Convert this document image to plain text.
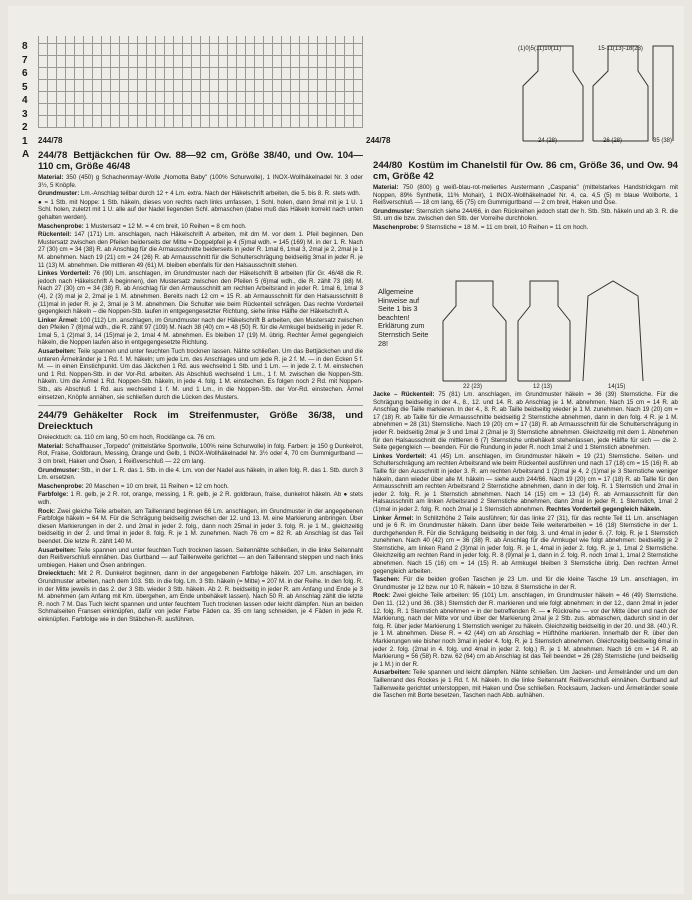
8
7
6
5
4
3
2
1
A
244/78	244/78
(1)0)5(11)10(11)	15-11(13)-18(23)
24 (28)	26 (28)	35 (38)
22 (23)	12 (13)	14(15)
Allgemeine Hinweise auf Seite 1 bis 3 beachten! Erklärung zum Sternstich Seite 28!
244/78 Bettjäckchen für Ow. 88—92 cm, Größe 38/40, und Ow. 104—110 cm, Größe 46/48

Material: 350 (450) g Schachenmayr-Wolle „Nomotta Baby" (100% Schurwolle), 1 INOX-Wollhäkelnadel Nr. 3 oder 3½, 5 Knöpfe.

Grundmuster: Lm.-Anschlag teilbar durch 12 + 4 Lm. extra. Nach der Häkelschrift arbeiten, die 5. bis 8. R. stets wdh.

● = 1 Stb. mit Noppe: 1 Stb. häkeln, dieses von rechts nach links umfassen, 1 Schl. holen, dann 3mal mit je 1 U. 1 Schl. holen, zuletzt mit 1 U. alle auf der Nadel liegenden Schl. abmaschen (dabei muß das Häkeln korrekt nach unten gehalten werden).

Maschenprobe: 1 Mustersatz = 12 M. = 4 cm breit, 10 Reihen = 8 cm hoch.

Rückenteil: 147 (171) Lm. anschlagen, nach Häkelschrift A arbeiten, mit dm M. vor dem 1. Pfeil beginnen. Den Mustersatz zwischen den Pfeilen beiderseits der Mitte = Doppelpfeil je 4 (5)mal wdh. = 145 (169) M. in der 1. R. Nach 27 (30) cm = 34 (38) R. ab Anschlag für die Armausschnitte beiderseits in jeder R. 1mal 6, 1mal 3, 2mal je 2, 2mal je 1 M. abnehmen. Nach 19 (21) cm = 24 (26) R. ab Armausschnitt für die Schulterschrägung beidseitig 3mal in jeder R. je 11 (13) M. abnehmen. Die mittleren 49 (61) M. bleiben ebenfalls für den Halsausschnitt stehen.

Linkes Vorderteil: 76 (90) Lm. anschlagen, im Grundmuster nach der Häkelschrift B arbeiten (für Gr. 46/48 die R. jedoch nach Häkelschrift A beginnen), den Mustersatz zwischen den Pfeilen 5 (6)mal wdh., die R. zählt 73 (88) M. Nach 27 (30) cm = 34 (38) R. ab Anschlag für den Armausschnitt am rechten Arbeitsrand in jeder R. 1mal 6, 1mal 3 (4), 2 (3) mal je 2, 2mal je 1 M. abnehmen. Bereits nach 12 cm = 15 R. ab Armausschnitt für den Halsausschnitt 8 (11)mal in jeder R. je 2, 3mal je 3 M. abnehmen. Die Schulter wie beim Rückenteil schrägen. Das rechte Vorderteil gegengleich häkeln – die Noppen-Stb. laufen in entgegengesetzter Richtung, siehe linke Hälfte der Häkelschrift A.

Linker Ärmel: 100 (112) Lm. anschlagen, im Grundmuster nach der Häkelschrift B arbeiten, den Mustersatz zwischen den Pfeilen 7 (8)mal wdh., die R. zählt 97 (109) M. Nach 38 (40) cm = 48 (50) R. für die Armkugel beidseitig in jeder R. 1mal 5, 1 (2)mal 3, 14 (15)mal je 2, 1mal 4 M. abnehmen. Es bleiben 17 (19) M. übrig. Rechter Ärmel gegengleich häkeln, die Noppen laufen also in entgegengesetzte Richtung.

Ausarbeiten: Teile spannen und unter feuchten Tuch trocknen lassen. Nähte schließen. Um das Bettjäckchen und die unteren Ärmelränder je 1 Rd. f. M. häkeln; um jede Lm. des Anschlages und um jede R. je 2 f. M. — in den Ecken 5 f. M. — in einen Einstichpunkt. Um das Jäckchen 1 Rd. aus wechselnd 1 Stb. und 1 Lm. — in jede 2. f. M. einstechen und 1 Rd. Noppen-Stb. in der Vor-Rd. arbeiten. Als Abschluß wechselnd 1 Lm., 1 f. M. zwischen die Noppen-Stb. häkeln. Um die Ärmel 1 Rd. Noppen-Stb. häkeln, in jede 4. folg. 1 M. einstechen. Es folgen noch 2 Rd. mit Noppen-Stb., als Abschluß 1 Rd. aus wechselnd 1 f. M. und 1 Lm., in die Noppen-Stb. der Vor-Rd. einstechen. Ärmel einsetzen, Knöpfe annähen, sie schließen durch die Lücken des Musters.

244/79 Gehäkelter Rock im Streifenmuster, Größe 36/38, und Dreiecktuch

Dreiecktuch: ca. 110 cm lang, 50 cm hoch, Rocklänge ca. 76 cm.

Material: Schaffhauser „Torpedo" (mittelstärke Sportwolle, 100% reine Schurwolle) in folg. Farben: je 150 g Dunkelrot, Rot, Fraise, Goldbraun, Messing, Orange und Gelb, 1 INOX-Wollhäkelnadel Nr. 3½ oder 4, 70 cm Gummigurtband — 3 cm breit, Haken und Ösen, 1 Reißverschluß — 22 cm lang.

Grundmuster: Stb., in der 1. R. das 1. Stb. in die 4. Lm. von der Nadel aus häkeln, in allen folg. R. das 1. Stb. durch 3 Lm. ersetzen.

Maschenprobe: 20 Maschen = 10 cm breit, 11 Reihen = 12 cm hoch.

Farbfolge: 1 R. gelb, je 2 R. rot, orange, messing, 1 R. gelb, je 2 R. goldbraun, fraise, dunkelrot häkeln. Ab ● stets wdh.

Rock: Zwei gleiche Teile arbeiten, am Taillenrand beginnen 66 Lm. anschlagen, im Grundmuster in der angegebenen Farbfolge häkeln = 64 M. Für die Schrägung beidseitig zwischen der 12. und 13. M. eine Markierung anbringen. Über diesen Markierungen in der 2. und 2mal in jeder 2. folg., dann noch 25mal in jeder 3. folg. R. je 1 M., gleichzeitig beidseitig in der 2. und 9mal in jeder 8. folg. R. je 1 M. zunehmen. Nach 76 cm = 82 R. ab Anschlag ist das Teil beendet. Die letzte R. zählt 140 M.

Ausarbeiten: Teile spannen und unter feuchten Tuch trocknen lassen. Seitennähte schließen, in die linke Seitennaht den Reißverschluß einnähen. Das Gurtband — auf Taillenweite gerichtet — an den Taillenrand steppen und nach links umbiegen. Haken und Ösen anbringen.

Dreiecktuch: Mit 2 R. Dunkelrot beginnen, dann in der angegebenen Farbfolge häkeln. 207 Lm. anschlagen, im Grundmuster arbeiten, nach dem 103. Stb. in die folg. Lm. 3 Stb. häkeln (= Mitte) = 207 M. in der Reihe. In den folg. R. in der Mitte jeweils in das 2. der 3 Stb. wieder 3 Stb. häkeln. Ab 2. R. beidseitig in jeder R. am Anfang und Ende je 3 M. abnehmen (am Anfang mit Km. übergehen, am Ende unbehäkelt lassen). Nach 50 R. ab Anschlag zählt die letzte R. noch 7 M. Das Tuch leicht spannen und unter feuchtem Tuch trocknen lassen oder leicht dämpfen. Nun an beiden Schmalseiten Fransen einknüpfen, dafür von jeder Farbe Fäden ca. 35 cm lang schneiden, je 4 Fäden in jede R. einknüpfen. Farbfolge wie in den Stäbchen-R. ausführen.

244/80 Kostüm im Chanelstil für Ow. 86 cm, Größe 36, und Ow. 94 cm, Größe 42

Material: 750 (800) g weiß-blau-rot-meliertes Austermann „Caspania" (mittelstarkes Handstrickgarn mit Noppen, 89% Synthetik, 11% Mohair), 1 INOX-Wollhäkelnadel Nr. 4, ca. 4,5 (5) m blaue Wollborte, 1 Reißverschluß — 18 cm lang, 65 (75) cm Gummigurtband — 2 cm breit, Haken und Öse.

Grundmuster: Sternstich siehe 244/66, in den Rückreihen jedoch statt der h. Stb. Stb. häkeln und ab 3. R. die Stl. um die bzw. zwischen den Stb. der Vorreihe durchholen.

Maschenprobe: 9 Sternstiche = 18 M. = 11 cm breit, 10 Reihen = 11 cm hoch.

Jacke – Rückenteil: 75 (81) Lm. anschlagen, im Grundmuster häkeln = 36 (39) Sternstiche. Für die Schrägung beidseitig in der 4., 8., 12. und 14. R. ab Anschlag je 1 M. abnehmen. Nach 15 cm = 14 R. ab Anschlag die Taille markieren. In der 4., 8. R. ab Taille beidseitig wieder je 1 M. zunehmen. Nach 19 (20) cm = 17 (18) R. ab Taille für die Armausschnitte beidseitig 2 Sternstiche abnehmen, dann in den folg. 4 R. je 1 M. abnehmen = 28 (31) Sternstiche. Nach 19 (20) cm = 17 (18) R. ab Armausschnitt für die Schulterschrägung in jeder R. beidseitig 2mal je 3 und 1mal 2 (2mal je 3) Sternstiche abnehmen. Gleichzeitig mit dem 1. Abnehmen für den Halsausschnitt die mittleren 6 (7) Sternstiche unbehäkelt stehenlassen, jede Hälfte für sich — die 2. Seite gegengleich — beenden. Für die Rundung in jeder R. noch 1mal 2 und 1 Sternstich abnehmen.

Linkes Vorderteil: 41 (45) Lm. anschlagen, im Grundmuster häkeln = 19 (21) Sternstiche. Seiten- und Schulterschrägung am rechten Arbeitsrand wie beim Rückenteil ausführen und nach 17 (18) cm = 15 (16) R. ab Taille für den Ausschnitt in jeder 3. R. am rechten Arbeitsrand 1 (2)mal je 4, 2 (1)mal je 3 Sternstiche weniger häkeln, dann wieder über alle M. häkeln — siehe auch 244/66. Nach 19 (20) cm = 17 (18) R. ab Taille für den Armausschnitt am rechten Arbeitsrand 2 Sternstiche abnehmen, dann in der folg. R. 1 Sternstich und 2mal in jeder 2. folg. R. je 1 Sternstich abnehmen. Nach 14 (15) cm = 13 (14) R. ab Armausschnitt für den Halsausschnitt am linken Arbeitsrand 2 Sternstiche abnehmen, dann 2mal in jeder R. 1 Sternstich, 1mal 2 (1)mal in jeder 2. folg. R. noch 2mal je 1 Sternstich abnehmen. Rechtes Vorderteil gegengleich häkeln.

Linker Ärmel: In Schlitzhöhe 2 Teile ausführen; für das linke 27 (31), für das rechte Teil 11 Lm. anschlagen und je 6 R. im Grundmuster häkeln. Dann über beide Teile weiterarbeiten = 16 (18) Sternstiche in der 1. durchgehenden R. Für die Schrägung beidseitig in der folg. 3. und 4mal in jeder 6. (7. folg. R. je 1 Sternstich zunehmen. Nach 40 (42) cm = 36 (38) R. ab Anschlag für die Armkugel wie folgt abnehmen: beidseitig je 2 Sternstiche, am linken Rand 2 (3)mal in jeder folg. R. je 1, 4mal in jeder 2. folg. R. je 1, 1mal 2 Sternstiche. Gleichzeitig am rechten Rand in jeder folg. R. 8 (9)mal je 1, dann in 2. folg. R. noch 1mal 1, 1mal 2 Sternstiche abnehmen. Nach 15 (16) cm = 14 (15) R. ab Armkugel bleiben 3 Sternstiche übrig. Den rechten Ärmel gegengleich arbeiten.

Taschen: Für die beiden großen Taschen je 23 Lm. und für die kleine Tasche 19 Lm. anschlagen, im Grundmuster je 12 bzw. nur 10 R. häkeln = 10 bzw. 8 Sternstiche in der R.

Rock: Zwei gleiche Teile arbeiten: 95 (101) Lm. anschlagen, im Grundmuster häkeln = 46 (49) Sternstiche. Den 11. (12.) und 36. (38.) Sternstich der R. markieren und wie folgt abnehmen: in der 12., dann 2mal in jeder 12. folg. R. 1 Sternstich abnehmen = in der betreffenden R. — ● Rückreihe — vor der Mitte über und nach der Markierung, nach der Mitte vor und über der Markierung 2mal je 2 Stb. zus. abmaschen, dadurch sind in der folg. R. über jeder Markierung 1 Sternstich weniger zu häkeln. Gleichzeitig beidseitig in der 20. und 38. (40.) R. je 1 M. abnehmen. Diese R. = 42 (44) cm ab Anschlag = Hüfthöhe markieren. Innerhalb der R. über den Markierungen wie bisher noch 3mal in jeder 4. folg. R. je 1 Sternstich abnehmen. Gleichzeitig beidseitig 6mal in jeder 2. folg. (2mal in 4. folg. und 4mal in jeder 2. folg.) R. je 1 M. abnehmen. Nach 16 cm = 14 R. ab Markierung = 56 (58) R. bzw. 62 (64) cm ab Anschlag ist das Teil beendet = 26 (28) Sternstiche (und beidseitig je 1 M.) in der R.

Ausarbeiten: Teile spannen und leicht dämpfen. Nähte schließen. Um Jacken- und Ärmelränder und um den Taillenrand des Rockes je 1 Rd. f. M. häkeln. In die linke Seitennaht Reißverschluß einnähen. Gurtband auf Taillenweite gerichtet unterstoppen, mit Haken und Öse schließen. Rocksaum, Jacken- und Ärmelränder sowie die Taschen mit Borte besetzen, Taschen nach Abb. aufnähen.
